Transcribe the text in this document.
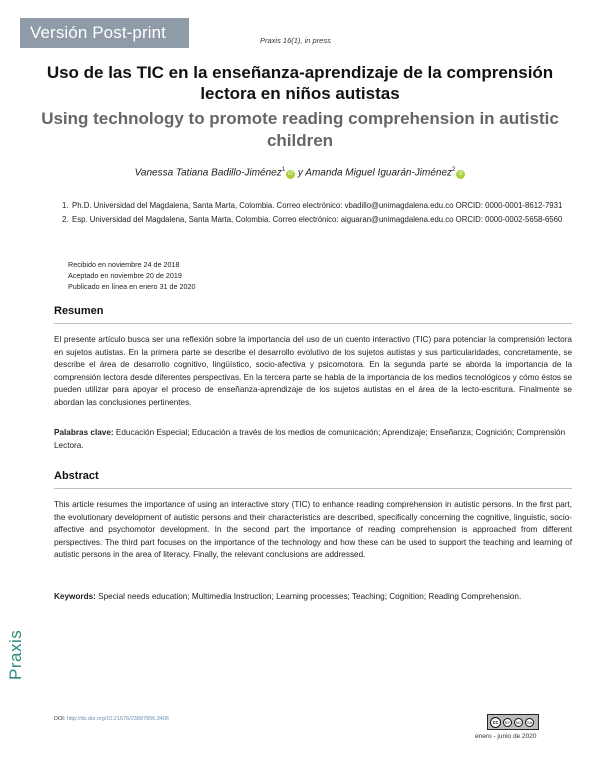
Versión Post-print	Praxis 16(1), in press
Uso de las TIC en la enseñanza-aprendizaje de la comprensión lectora en niños autistas
Using technology to promote reading comprehension in autistic children
Vanessa Tatiana Badillo-Jiménez$^1$iD y Amanda Miguel Iguarán-Jiménez$^2$iD
1. Ph.D. Universidad del Magdalena, Santa Marta, Colombia. Correo electrónico: vbadillo@unimagdalena.edu.co ORCID: 0000-0001-8612-7931
2. Esp. Universidad del Magdalena, Santa Marta, Colombia. Correo electrónico: aiguaran@unimagdalena.edu.co ORCID: 0000-0002-5658-6560
Recibido en noviembre 24 de 2018
Aceptado en noviembre 20 de 2019
Publicado en línea en enero 31 de 2020
Resumen
El presente artículo busca ser una reflexión sobre la importancia del uso de un cuento interactivo (TIC) para potenciar la comprensión lectora en sujetos autistas. En la primera parte se describe el desarrollo evolutivo de los sujetos autistas y sus particularidades, concretamente, se describe el área de desarrollo cognitivo, lingüístico, socio-afectiva y psicomotora. En la segunda parte se aborda la importancia de la comprensión lectora desde diferentes perspectivas. En la tercera parte se habla de la importancia de los medios tecnológicos y cómo éstos se pueden utilizar para apoyar el proceso de enseñanza-aprendizaje de los sujetos autistas en el área de la lecto-escritura. Finalmente se abordan las conclusiones pertinentes.
Palabras clave: Educación Especial; Educación a través de los medios de comunicación; Aprendizaje; Enseñanza; Cognición; Comprensión Lectora.
Abstract
This article resumes the importance of using an interactive story (TIC) to enhance reading comprehension in autistic persons. In the first part, the evolutionary development of autistic persons and their characteristics are described, specifically concerning the cognitive, linguistic, socio-affective and psychomotor development. In the second part the importance of reading comprehension is approached from different perspectives. The third part focuses on the importance of the technology and how these can be used to support the teaching and learning of autistic persons in the area of literacy. Finally, the relevant conclusions are addressed.
Keywords: Special needs education; Multimedia Instruction; Learning processes; Teaching; Cognition; Reading Comprehension.
Praxis
DOI: http://dx.doi.org/10.21676/23897856.3406
cc	BY	NC	SA
enero - junio de 2020
